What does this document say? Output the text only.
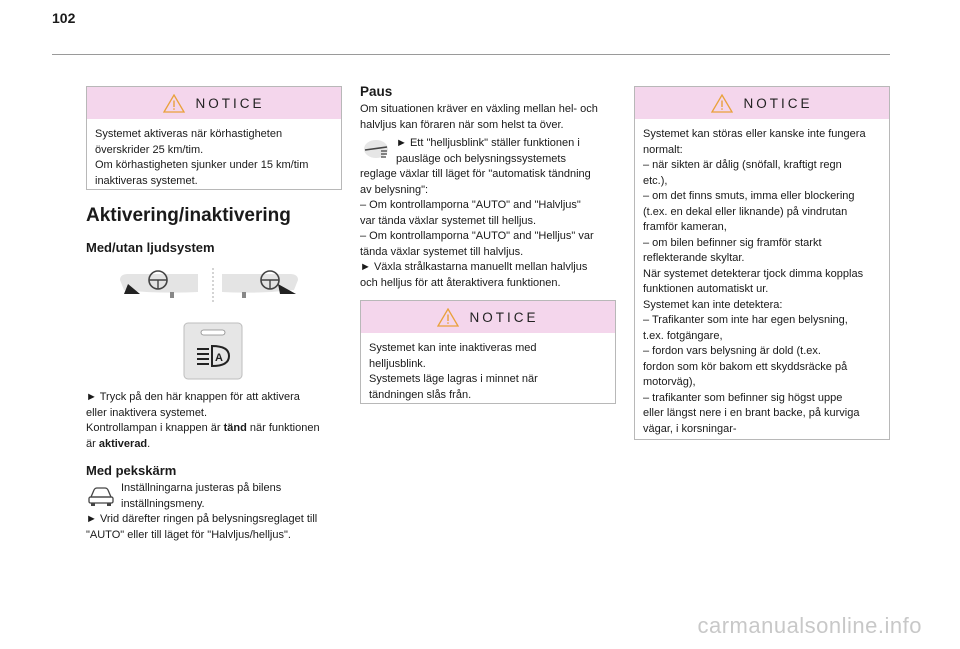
102
NOTICE
Systemet aktiveras när körhastigheten
överskrider 25 km/tim.
Om körhastigheten sjunker under 15 km/tim
inaktiveras systemet.
Aktivering/inaktivering
Med/utan ljudsystem
A
► Tryck på den här knappen för att aktivera
eller inaktivera systemet.
Kontrollampan i knappen är tänd när funktionen
är aktiverad.
Med pekskärm
Inställningarna justeras på bilens
inställningsmeny.
► Vrid därefter ringen på belysningsreglaget till
"AUTO" eller till läget för "Halvljus/helljus".
Paus
Om situationen kräver en växling mellan hel- och
halvljus kan föraren när som helst ta över.
► Ett "helljusblink" ställer funktionen i
pausläge och belysningssystemets
reglage växlar till läget för "automatisk tändning
av belysning":
– Om kontrollamporna "AUTO" and "Halvljus"
var tända växlar systemet till helljus.
– Om kontrollamporna "AUTO" and "Helljus" var
tända växlar systemet till halvljus.
► Växla strålkastarna manuellt mellan halvljus
och helljus för att återaktivera funktionen.
NOTICE
Systemet kan inte inaktiveras med
helljusblink.
Systemets läge lagras i minnet när
tändningen slås från.
NOTICE
Systemet kan störas eller kanske inte fungera
normalt:
– när sikten är dålig (snöfall, kraftigt regn
etc.),
– om det finns smuts, imma eller blockering
(t.ex. en dekal eller liknande) på vindrutan
framför kameran,
– om bilen befinner sig framför starkt
reflekterande skyltar.
När systemet detekterar tjock dimma kopplas
funktionen automatiskt ur.
Systemet kan inte detektera:
– Trafikanter som inte har egen belysning,
t.ex. fotgängare,
– fordon vars belysning är dold (t.ex.
fordon som kör bakom ett skyddsräcke på
motorväg),
– trafikanter som befinner sig högst uppe
eller längst nere i en brant backe, på kurviga
vägar, i korsningar-
carmanualsonline.info
